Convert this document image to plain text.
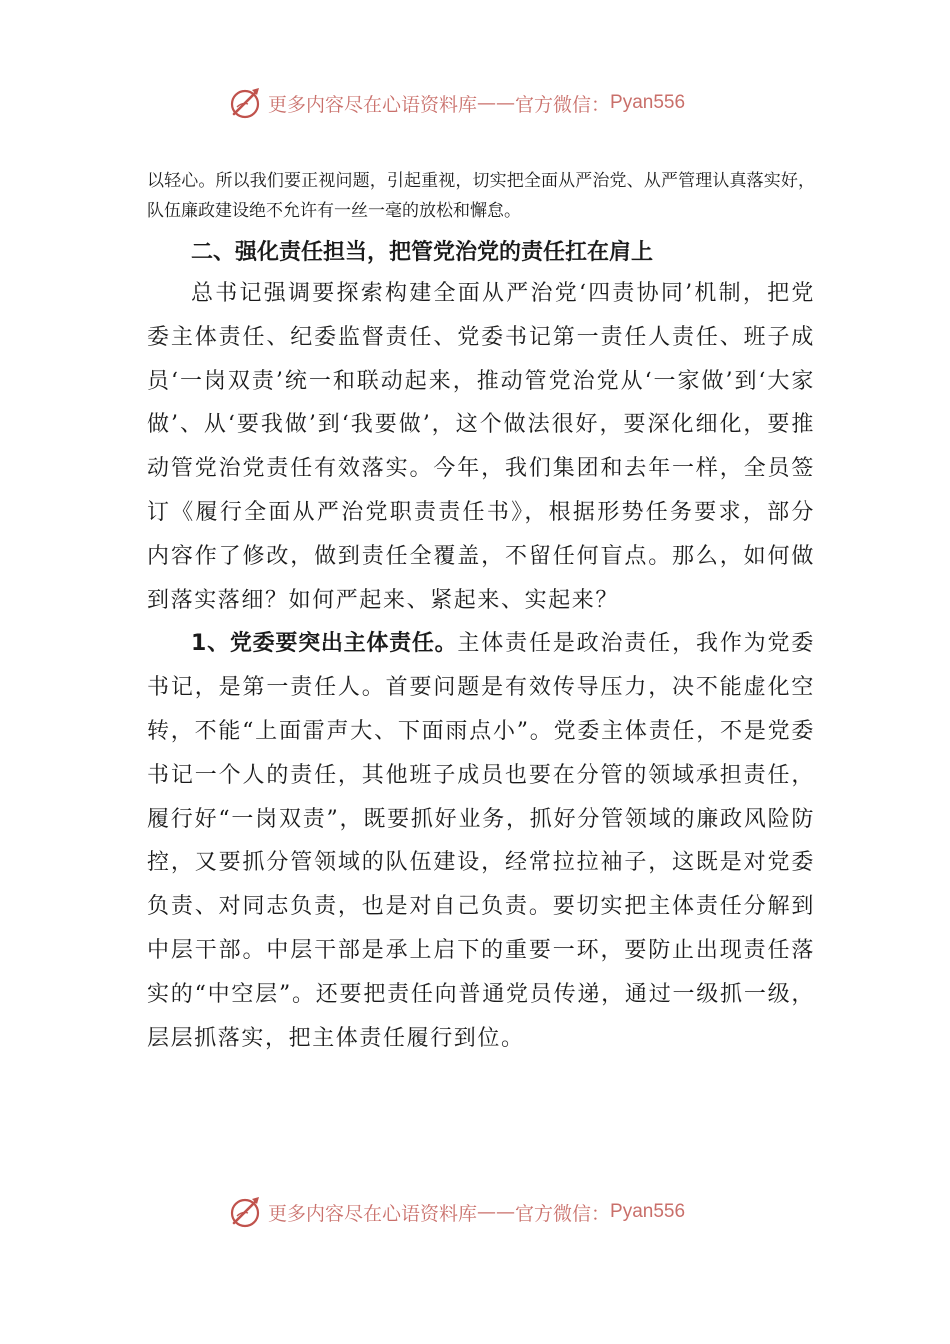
更多内容尽在心语资料库 —— 官方微信： Pyan556

以轻心。所以我们要正视问题，引起重视，切实把全面从严治党、从严管理认真落实好，队伍廉政建设绝不允许有一丝一毫的放松和懈怠。

二、强化责任担当，把管党治党的责任扛在肩上

总书记强调要探索构建全面从严治党‘四责协同’机制，把党委主体责任、纪委监督责任、党委书记第一责任人责任、班子成员‘一岗双责’统一和联动起来，推动管党治党从‘一家做’到‘大家做’、从‘要我做’到‘我要做’，这个做法很好，要深化细化，要推动管党治党责任有效落实。今年，我们集团和去年一样，全员签订《履行全面从严治党职责责任书》，根据形势任务要求，部分内容作了修改，做到责任全覆盖，不留任何盲点。那么，如何做到落实落细？如何严起来、紧起来、实起来？

1、党委要突出主体责任。主体责任是政治责任，我作为党委书记，是第一责任人。首要问题是有效传导压力，决不能虚化空转，不能“上面雷声大、下面雨点小”。党委主体责任，不是党委书记一个人的责任，其他班子成员也要在分管的领域承担责任，履行好“一岗双责”，既要抓好业务，抓好分管领域的廉政风险防控，又要抓分管领域的队伍建设，经常拉拉袖子，这既是对党委负责、对同志负责，也是对自己负责。要切实把主体责任分解到中层干部。中层干部是承上启下的重要一环，要防止出现责任落实的“中空层”。还要把责任向普通党员传递，通过一级抓一级，层层抓落实，把主体责任履行到位。

更多内容尽在心语资料库 —— 官方微信： Pyan556
